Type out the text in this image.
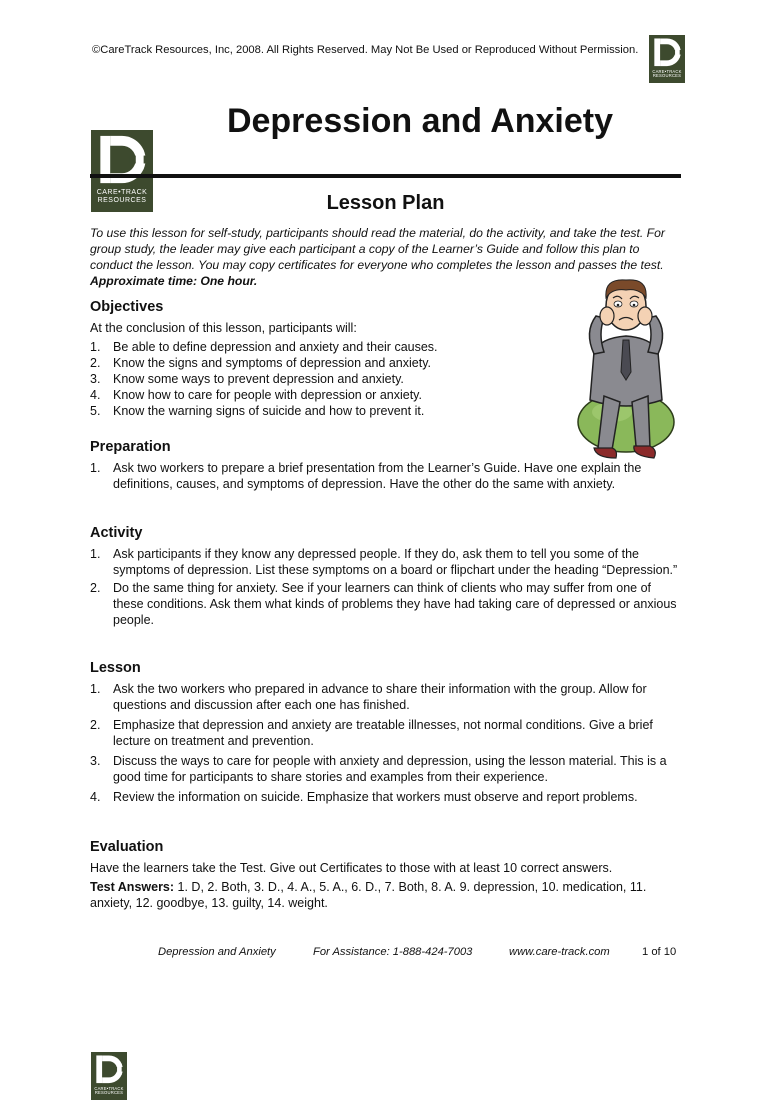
©CareTrack Resources, Inc, 2008. All Rights Reserved. May Not Be Used or Reproduced Without Permission.
CARE•TRACK
RESOURCES
CARE•TRACK
RESOURCES
Depression and Anxiety
Lesson Plan
To use this lesson for self-study, participants should read the material, do the activity, and take the test. For group study, the leader may give each participant a copy of the Learner’s Guide and follow this plan to conduct the lesson. You may copy certificates for everyone who completes the lesson and passes the test. Approximate time: One hour.
Objectives

At the conclusion of this lesson, participants will:

1. Be able to define depression and anxiety and their causes.
2. Know the signs and symptoms of depression and anxiety.
3. Know some ways to prevent depression and anxiety.
4. Know how to care for people with depression or anxiety.
5. Know the warning signs of suicide and how to prevent it.
Preparation
1. Ask two workers to prepare a brief presentation from the Learner’s Guide. Have one explain the definitions, causes, and symptoms of depression. Have the other do the same with anxiety.
Activity
1. Ask participants if they know any depressed people. If they do, ask them to tell you some of the symptoms of depression. List these symptoms on a board or flipchart under the heading “Depression.”
2. Do the same thing for anxiety. See if your learners can think of clients who may suffer from one of these conditions. Ask them what kinds of problems they have had taking care of depressed or anxious people.
Lesson
1. Ask the two workers who prepared in advance to share their information with the group. Allow for questions and discussion after each one has finished.
2. Emphasize that depression and anxiety are treatable illnesses, not normal conditions. Give a brief lecture on treatment and prevention.
3. Discuss the ways to care for people with anxiety and depression, using the lesson material. This is a good time for participants to share stories and examples from their experience.
4. Review the information on suicide. Emphasize that workers must observe and report problems.
Evaluation

Have the learners take the Test. Give out Certificates to those with at least 10 correct answers.

Test Answers: 1. D, 2. Both, 3. D., 4. A., 5. A., 6. D., 7. Both, 8. A. 9. depression, 10. medication, 11. anxiety, 12. goodbye, 13. guilty, 14. weight.

CARE•TRACK
RESOURCES
Depression and Anxiety	For Assistance: 1-888-424-7003	www.care-track.com	1 of 10
